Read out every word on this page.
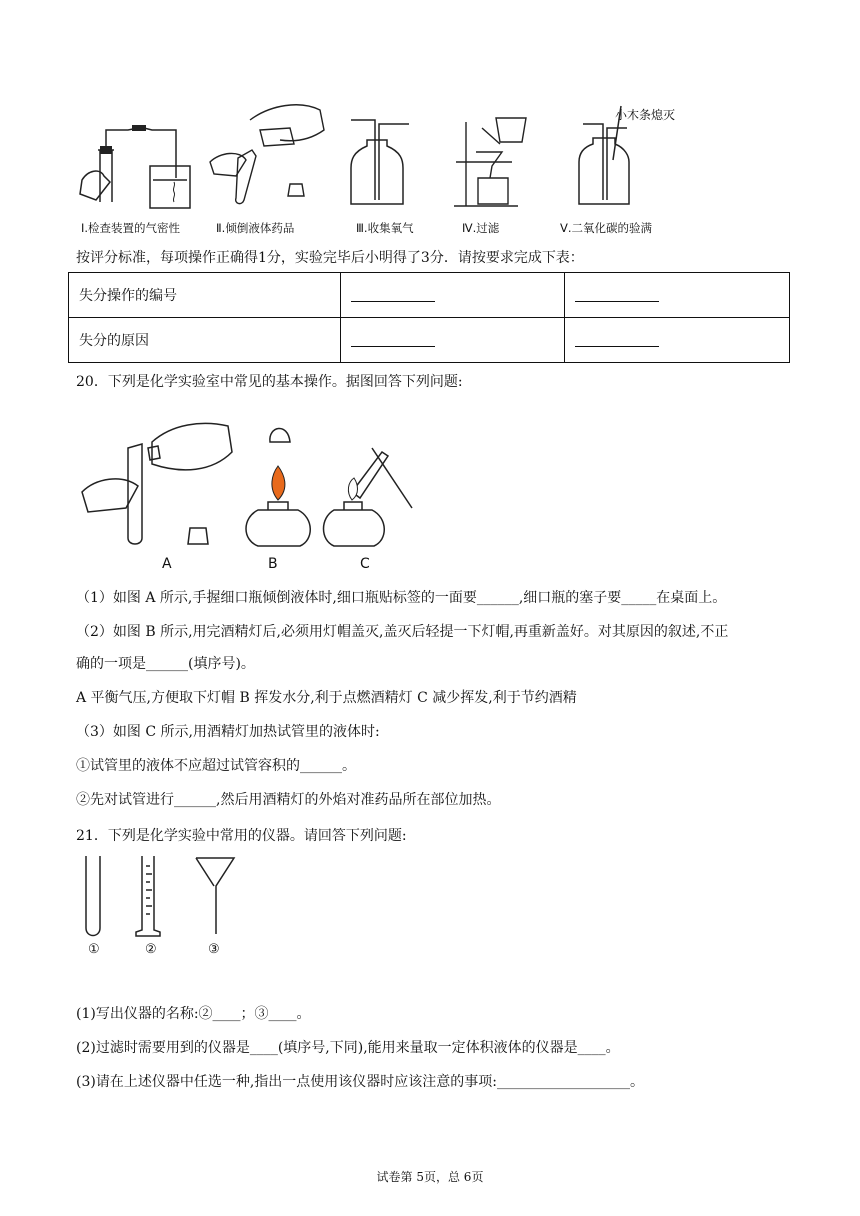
Ⅰ.检查装置的气密性	Ⅱ.倾倒液体药品	Ⅲ.收集氧气	Ⅳ.过滤
小木条熄灭
Ⅴ.二氧化碳的验满
按评分标准，每项操作正确得1分，实验完毕后小明得了3分．请按要求完成下表：
失分操作的编号		
失分的原因		
20．下列是化学实验室中常见的基本操作。据图回答下列问题:
A	B	C
（1）如图 A 所示,手握细口瓶倾倒液体时,细口瓶贴标签的一面要______,细口瓶的塞子要_____在桌面上。
（2）如图 B 所示,用完酒精灯后,必须用灯帽盖灭,盖灭后轻提一下灯帽,再重新盖好。对其原因的叙述,不正
确的一项是______(填序号)。
A 平衡气压,方便取下灯帽 B 挥发水分,利于点燃酒精灯 C 减少挥发,利于节约酒精
（3）如图 C 所示,用酒精灯加热试管里的液体时:
①试管里的液体不应超过试管容积的______。
②先对试管进行______,然后用酒精灯的外焰对准药品所在部位加热。
21．下列是化学实验中常用的仪器。请回答下列问题:
①	②	③
(1)写出仪器的名称:②____；③____。
(2)过滤时需要用到的仪器是____(填序号,下同),能用来量取一定体积液体的仪器是____。
(3)请在上述仪器中任选一种,指出一点使用该仪器时应该注意的事项:___________________。
试卷第 5页，总 6页
